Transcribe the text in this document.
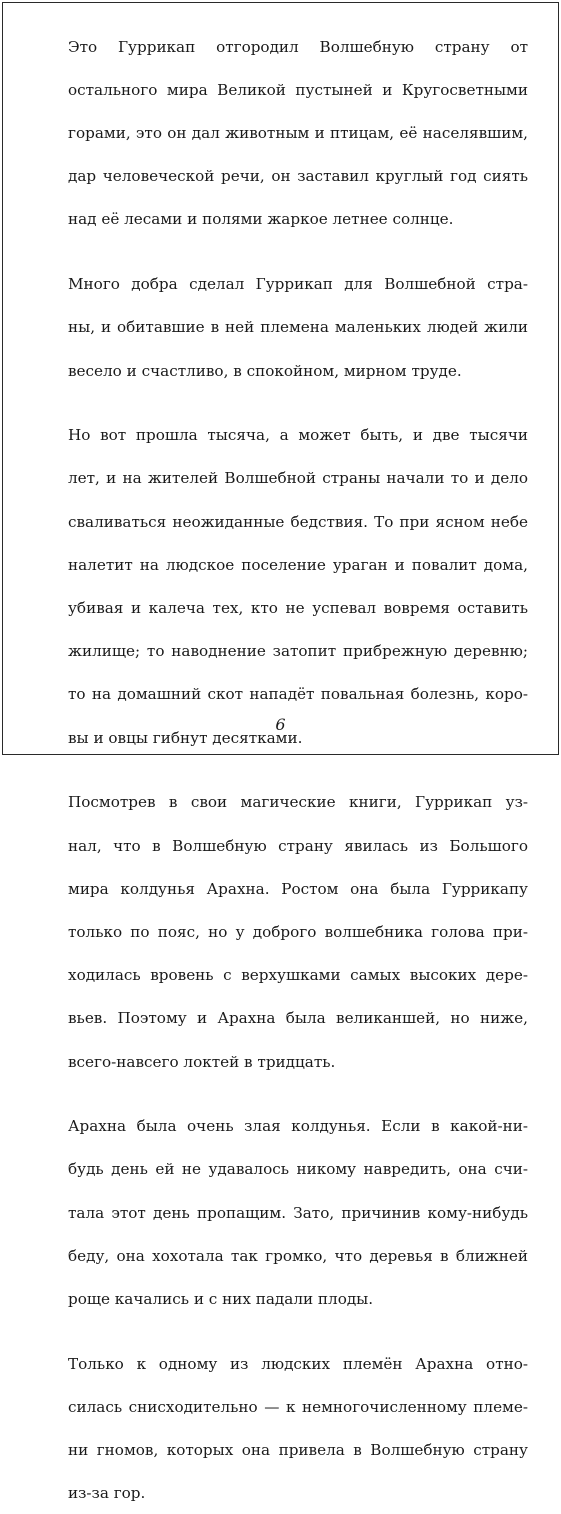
Это Гуррикап отгородил Волшебную страну от

остального мира Великой пустыней и Кругосветными

горами, это он дал животным и птицам, её населявшим,

дар человеческой речи, он заставил круглый год сиять

над её лесами и полями жаркое летнее солнце.

Много добра сделал Гуррикап для Волшебной стра-

ны, и обитавшие в ней племена маленьких людей жили

весело и счастливо, в спокойном, мирном труде.

Но вот прошла тысяча, а может быть, и две тысячи

лет, и на жителей Волшебной страны начали то и дело

сваливаться неожиданные бедствия. То при ясном небе

налетит на людское поселение ураган и повалит дома,

убивая и калеча тех, кто не успевал вовремя оставить

жилище; то наводнение затопит прибрежную деревню;

то на домашний скот нападёт повальная болезнь, коро-

вы и овцы гибнут десятками.

Посмотрев в свои магические книги, Гуррикап уз-

нал, что в Волшебную страну явилась из Большого

мира колдунья Арахна. Ростом она была Гуррикапу

только по пояс, но у доброго волшебника голова при-

ходилась вровень с верхушками самых высоких дере-

вьев. Поэтому и Арахна была великаншей, но ниже,

всего-навсего локтей в тридцать.

Арахна была очень злая колдунья. Если в какой-ни-

будь день ей не удавалось никому навредить, она счи-

тала этот день пропащим. Зато, причинив кому-нибудь

беду, она хохотала так громко, что деревья в ближней

роще качались и с них падали плоды.

Только к одному из людских племён Арахна отно-

силась снисходительно — к немногочисленному племе-

ни гномов, которых она привела в Волшебную страну

из-за гор.

6
